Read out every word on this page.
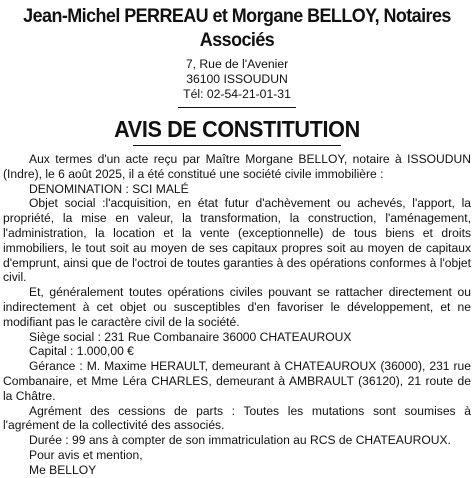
Jean-Michel PERREAU et Morgane BELLOY, Notaires Associés
7, Rue de l'Avenier
36100 ISSOUDUN
Tél: 02-54-21-01-31
AVIS DE CONSTITUTION

Aux termes d'un acte reçu par Maître Morgane BELLOY, notaire à ISSOUDUN (Indre), le 6 août 2025, il a été constitué une société civile immobilière :

DENOMINATION : SCI MALÉ

Objet social :l'acquisition, en état futur d'achèvement ou achevés, l'apport, la propriété, la mise en valeur, la transformation, la construction, l'aménagement, l'administration, la location et la vente (exceptionnelle) de tous biens et droits immobiliers, le tout soit au moyen de ses capitaux propres soit au moyen de capitaux d'emprunt, ainsi que de l'octroi de toutes garanties à des opérations conformes à l'objet civil.

Et, généralement toutes opérations civiles pouvant se rattacher directement ou indirectement à cet objet ou susceptibles d'en favoriser le développement, et ne modifiant pas le caractère civil de la société.

Siège social : 231 Rue Combanaire 36000 CHATEAUROUX

Capital : 1.000,00 €

Gérance : M. Maxime HERAULT, demeurant à CHATEAUROUX (36000), 231 rue Combanaire, et Mme Léra CHARLES, demeurant à AMBRAULT (36120), 21 route de la Châtre.

Agrément des cessions de parts : Toutes les mutations sont soumises à l'agrément de la collectivité des associés.

Durée : 99 ans à compter de son immatriculation au RCS de CHATEAUROUX.

Pour avis et mention,

Me BELLOY
